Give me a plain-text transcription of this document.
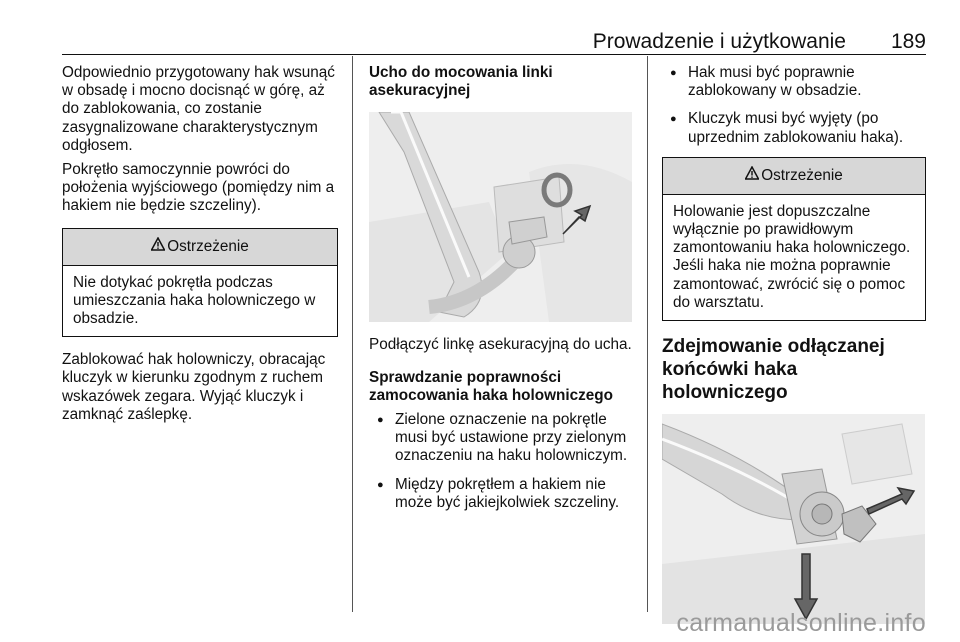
Prowadzenie i użytkowanie 189

Odpowiednio przygotowany hak wsunąć w obsadę i mocno docisnąć w górę, aż do zablokowania, co zostanie zasygnalizowane charakterystycznym odgłosem.

Pokrętło samoczynnie powróci do położenia wyjściowego (pomiędzy nim a hakiem nie będzie szczeliny).

Ostrzeżenie
Nie dotykać pokrętła podczas umieszczania haka holowniczego w obsadzie.

Zablokować hak holowniczy, obracając kluczyk w kierunku zgodnym z ruchem wskazówek zegara. Wyjąć kluczyk i zamknąć zaślepkę.

Ucho do mocowania linki asekuracyjnej

Podłączyć linkę asekuracyjną do ucha.

Sprawdzanie poprawności zamocowania haka holowniczego
● Zielone oznaczenie na pokrętle musi być ustawione przy zielonym oznaczeniu na haku holowniczym.
● Między pokrętłem a hakiem nie może być jakiejkolwiek szczeliny.
● Hak musi być poprawnie zablokowany w obsadzie.
● Kluczyk musi być wyjęty (po uprzednim zablokowaniu haka).
Ostrzeżenie
Holowanie jest dopuszczalne wyłącznie po prawidłowym zamontowaniu haka holowniczego. Jeśli haka nie można poprawnie zamontować, zwrócić się o pomoc do warsztatu.
Zdejmowanie odłączanej końcówki haka holowniczego
carmanualsonline.info
